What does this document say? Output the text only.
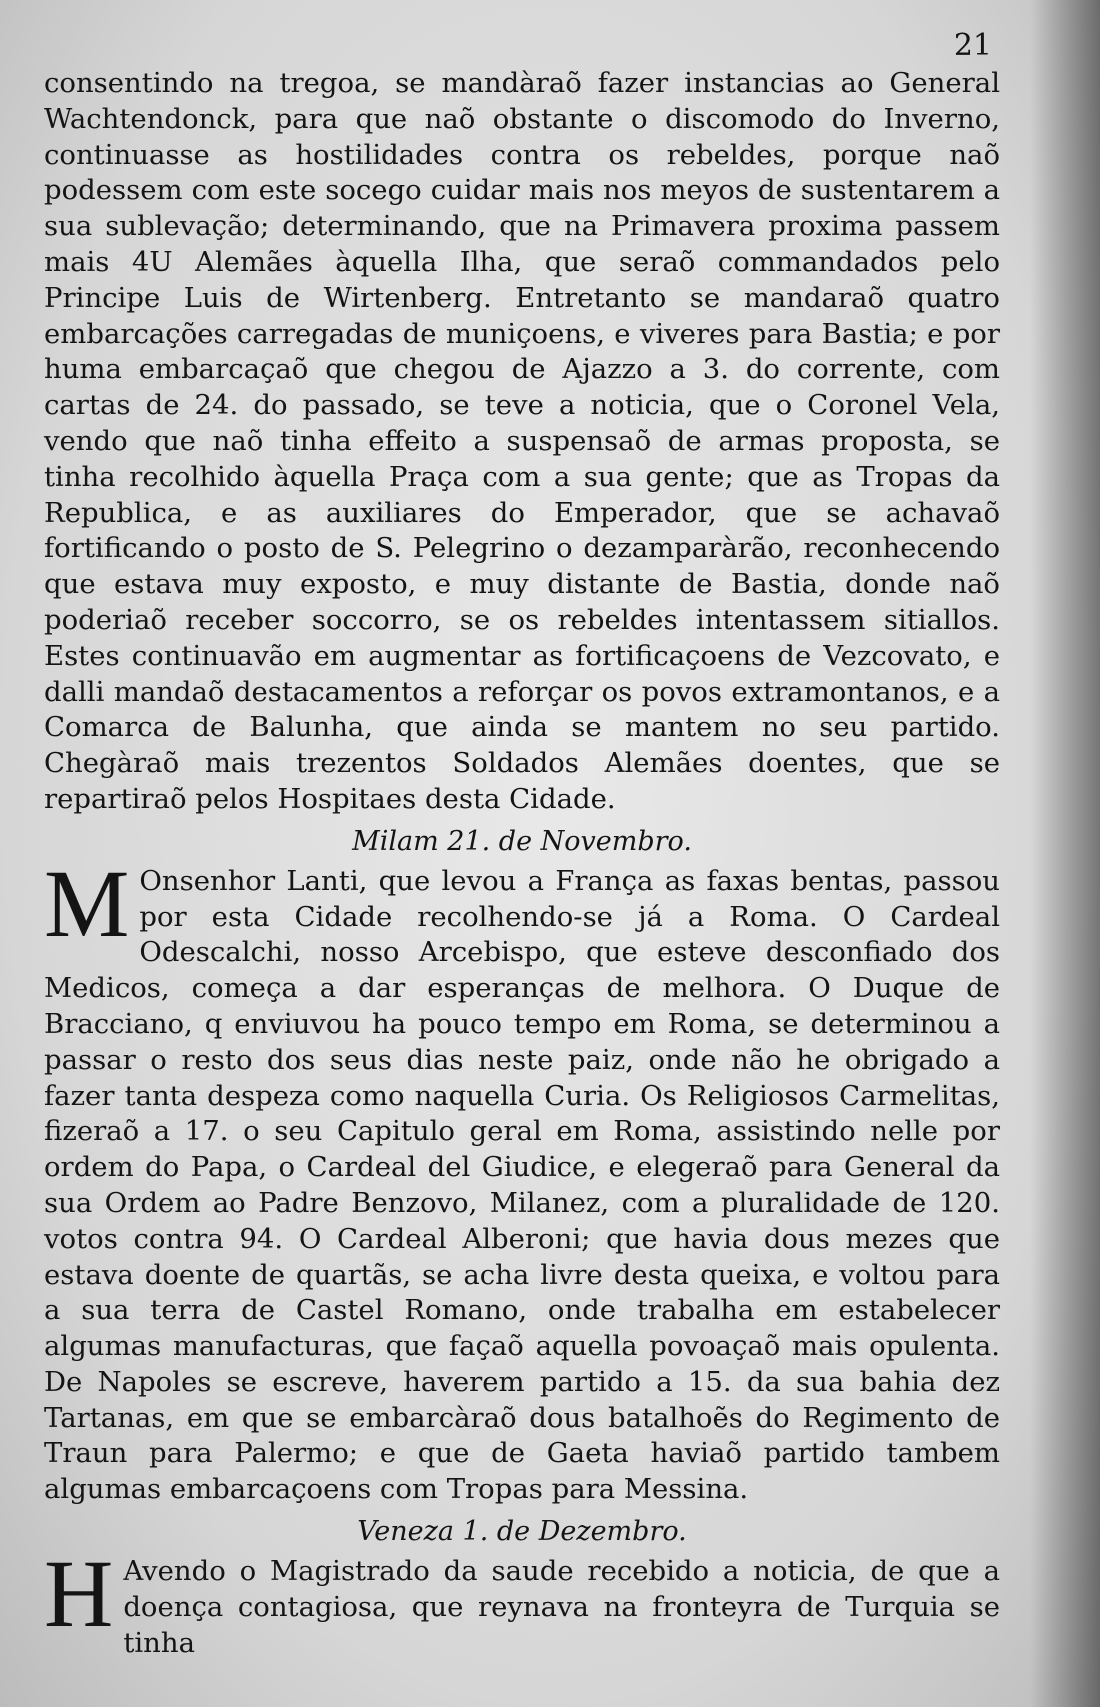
21

consentindo na tregoa, se mandàraõ fazer instancias ao General Wachtendonck, para que naõ obstante o discomodo do Inverno, continuasse as hostilidades contra os rebeldes, porque naõ podessem com este socego cuidar mais nos meyos de sustentarem a sua sublevação; determinando, que na Primavera proxima passem mais 4U Alemães àquella Ilha, que seraõ commandados pelo Principe Luis de Wirtenberg. Entretanto se mandaraõ quatro embarcações carregadas de muniçoens, e viveres para Bastia; e por huma embarcaçaõ que chegou de Ajazzo a 3. do corrente, com cartas de 24. do passado, se teve a noticia, que o Coronel Vela, vendo que naõ tinha effeito a suspensaõ de armas proposta, se tinha recolhido àquella Praça com a sua gente; que as Tropas da Republica, e as auxiliares do Emperador, que se achavaõ fortificando o posto de S. Pelegrino o dezamparàrão, reconhecendo que estava muy exposto, e muy distante de Bastia, donde naõ poderiaõ receber soccorro, se os rebeldes intentassem sitiallos. Estes continuavão em augmentar as fortificaçoens de Vezcovato, e dalli mandaõ destacamentos a reforçar os povos extramontanos, e a Comarca de Balunha, que ainda se mantem no seu partido. Chegàraõ mais trezentos Soldados Alemães doentes, que se repartiraõ pelos Hospitaes desta Cidade.

Milam 21. de Novembro.

M Onsenhor Lanti, que levou a França as faxas bentas, passou por esta Cidade recolhendo-se já a Roma. O Cardeal Odescalchi, nosso Arcebispo, que esteve desconfiado dos Medicos, começa a dar esperanças de melhora. O Duque de Bracciano, q enviuvou ha pouco tempo em Roma, se determinou a passar o resto dos seus dias neste paiz, onde não he obrigado a fazer tanta despeza como naquella Curia. Os Religiosos Carmelitas, fizeraõ a 17. o seu Capitulo geral em Roma, assistindo nelle por ordem do Papa, o Cardeal del Giudice, e elegeraõ para General da sua Ordem ao Padre Benzovo, Milanez, com a pluralidade de 120. votos contra 94. O Cardeal Alberoni; que havia dous mezes que estava doente de quartãs, se acha livre desta queixa, e voltou para a sua terra de Castel Romano, onde trabalha em estabelecer algumas manufacturas, que façaõ aquella povoaçaõ mais opulenta. De Napoles se escreve, haverem partido a 15. da sua bahia dez Tartanas, em que se embarcàraõ dous batalhoẽs do Regimento de Traun para Palermo; e que de Gaeta haviaõ partido tambem algumas embarcaçoens com Tropas para Messina.

Veneza 1. de Dezembro.

H Avendo o Magistrado da saude recebido a noticia, de que a doença contagiosa, que reynava na fronteyra de Turquia se tinha
